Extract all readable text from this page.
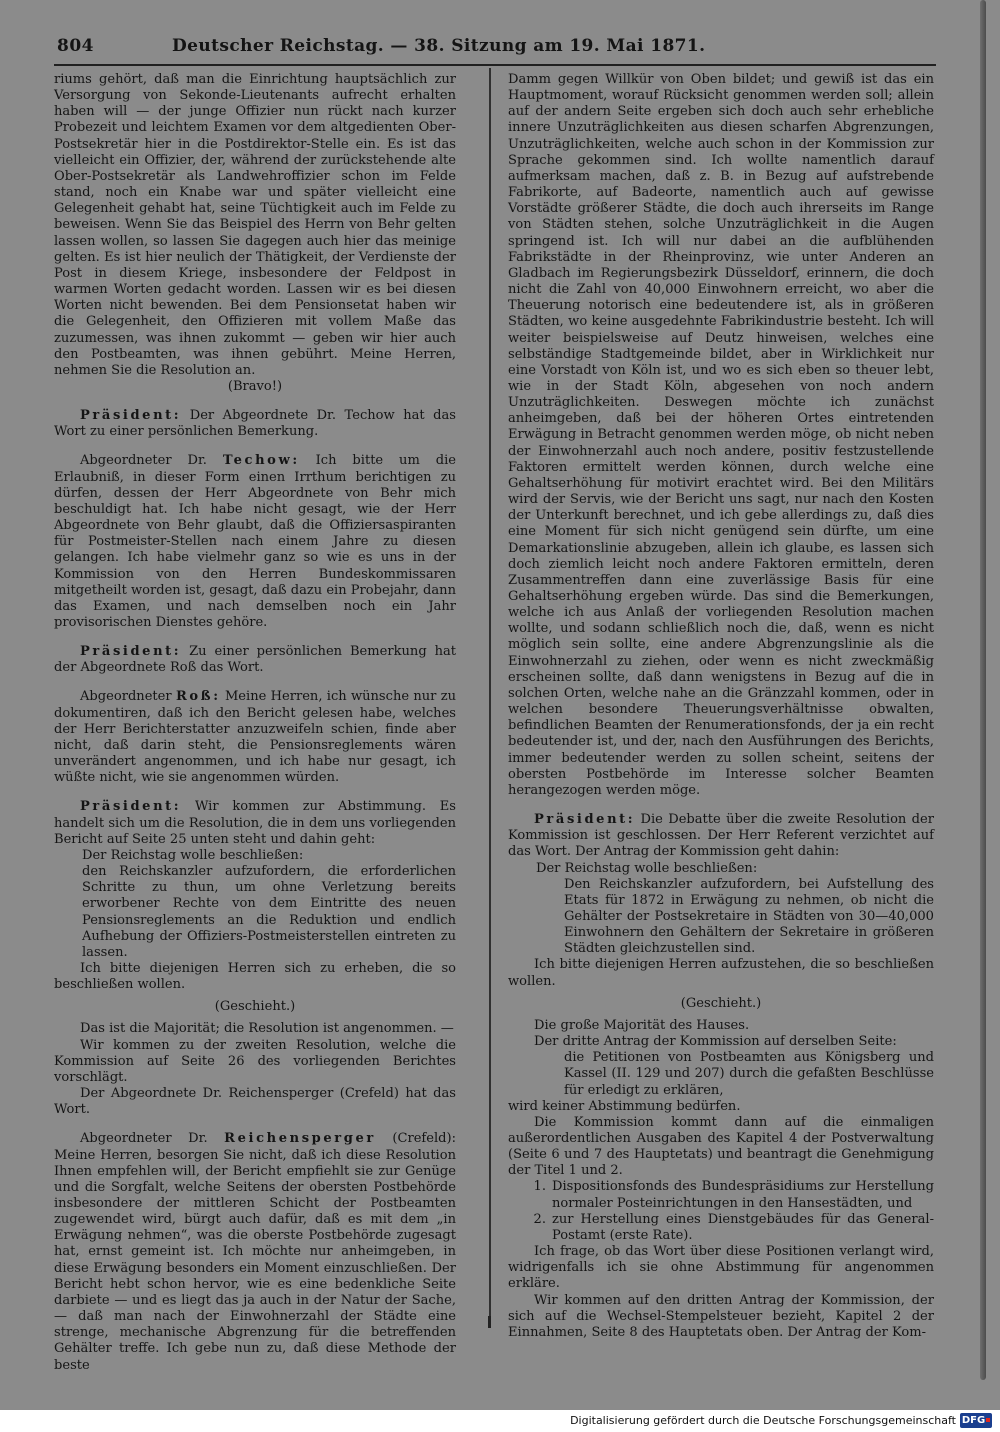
804	Deutscher Reichstag. — 38. Sitzung am 19. Mai 1871.

riums gehört, daß man die Einrichtung hauptsächlich zur Versorgung von Sekonde-Lieutenants aufrecht erhalten haben will — der junge Offizier nun rückt nach kurzer Probezeit und leichtem Examen vor dem altgedienten Ober-Postsekretär hier in die Postdirektor-Stelle ein. Es ist das vielleicht ein Offizier, der, während der zurückstehende alte Ober-Postsekretär als Landwehroffizier schon im Felde stand, noch ein Knabe war und später vielleicht eine Gelegenheit gehabt hat, seine Tüchtigkeit auch im Felde zu beweisen. Wenn Sie das Beispiel des Herrn von Behr gelten lassen wollen, so lassen Sie dagegen auch hier das meinige gelten. Es ist hier neulich der Thätigkeit, der Verdienste der Post in diesem Kriege, insbesondere der Feldpost in warmen Worten gedacht worden. Lassen wir es bei diesen Worten nicht bewenden. Bei dem Pensionsetat haben wir die Gelegenheit, den Offizieren mit vollem Maße das zuzumessen, was ihnen zukommt — geben wir hier auch den Postbeamten, was ihnen gebührt. Meine Herren, nehmen Sie die Resolution an.

(Bravo!)

Präsident: Der Abgeordnete Dr. Techow hat das Wort zu einer persönlichen Bemerkung.

Abgeordneter Dr. Techow: Ich bitte um die Erlaubniß, in dieser Form einen Irrthum berichtigen zu dürfen, dessen der Herr Abgeordnete von Behr mich beschuldigt hat. Ich habe nicht gesagt, wie der Herr Abgeordnete von Behr glaubt, daß die Offiziersaspiranten für Postmeister-Stellen nach einem Jahre zu diesen gelangen. Ich habe vielmehr ganz so wie es uns in der Kommission von den Herren Bundeskommissaren mitgetheilt worden ist, gesagt, daß dazu ein Probejahr, dann das Examen, und nach demselben noch ein Jahr provisorischen Dienstes gehöre.

Präsident: Zu einer persönlichen Bemerkung hat der Abgeordnete Roß das Wort.

Abgeordneter Roß: Meine Herren, ich wünsche nur zu dokumentiren, daß ich den Bericht gelesen habe, welches der Herr Berichterstatter anzuzweifeln schien, finde aber nicht, daß darin steht, die Pensionsreglements wären unverändert angenommen, und ich habe nur gesagt, ich wüßte nicht, wie sie angenommen würden.

Präsident: Wir kommen zur Abstimmung. Es handelt sich um die Resolution, die in dem uns vorliegenden Bericht auf Seite 25 unten steht und dahin geht:

Der Reichstag wolle beschließen:

den Reichskanzler aufzufordern, die erforderlichen Schritte zu thun, um ohne Verletzung bereits erworbener Rechte von dem Eintritte des neuen Pensionsreglements an die Reduktion und endlich Aufhebung der Offiziers-Postmeisterstellen eintreten zu lassen.

Ich bitte diejenigen Herren sich zu erheben, die so beschließen wollen.

(Geschieht.)

Das ist die Majorität; die Resolution ist angenommen. —

Wir kommen zu der zweiten Resolution, welche die Kommission auf Seite 26 des vorliegenden Berichtes vorschlägt.

Der Abgeordnete Dr. Reichensperger (Crefeld) hat das Wort.

Abgeordneter Dr. Reichensperger (Crefeld): Meine Herren, besorgen Sie nicht, daß ich diese Resolution Ihnen empfehlen will, der Bericht empfiehlt sie zur Genüge und die Sorgfalt, welche Seitens der obersten Postbehörde insbesondere der mittleren Schicht der Postbeamten zugewendet wird, bürgt auch dafür, daß es mit dem „in Erwägung nehmen“, was die oberste Postbehörde zugesagt hat, ernst gemeint ist. Ich möchte nur anheimgeben, in diese Erwägung besonders ein Moment einzuschließen. Der Bericht hebt schon hervor, wie es eine bedenkliche Seite darbiete — und es liegt das ja auch in der Natur der Sache, — daß man nach der Einwohnerzahl der Städte eine strenge, mechanische Abgrenzung für die betreffenden Gehälter treffe. Ich gebe nun zu, daß diese Methode der beste

Damm gegen Willkür von Oben bildet; und gewiß ist das ein Hauptmoment, worauf Rücksicht genommen werden soll; allein auf der andern Seite ergeben sich doch auch sehr erhebliche innere Unzuträglichkeiten aus diesen scharfen Abgrenzungen, Unzuträglichkeiten, welche auch schon in der Kommission zur Sprache gekommen sind. Ich wollte namentlich darauf aufmerksam machen, daß z. B. in Bezug auf aufstrebende Fabrikorte, auf Badeorte, namentlich auch auf gewisse Vorstädte größerer Städte, die doch auch ihrerseits im Range von Städten stehen, solche Unzuträglichkeit in die Augen springend ist. Ich will nur dabei an die aufblühenden Fabrikstädte in der Rheinprovinz, wie unter Anderen an Gladbach im Regierungsbezirk Düsseldorf, erinnern, die doch nicht die Zahl von 40,000 Einwohnern erreicht, wo aber die Theuerung notorisch eine bedeutendere ist, als in größeren Städten, wo keine ausgedehnte Fabrikindustrie besteht. Ich will weiter beispielsweise auf Deutz hinweisen, welches eine selbständige Stadtgemeinde bildet, aber in Wirklichkeit nur eine Vorstadt von Köln ist, und wo es sich eben so theuer lebt, wie in der Stadt Köln, abgesehen von noch andern Unzuträglichkeiten. Deswegen möchte ich zunächst anheimgeben, daß bei der höheren Ortes eintretenden Erwägung in Betracht genommen werden möge, ob nicht neben der Einwohnerzahl auch noch andere, positiv festzustellende Faktoren ermittelt werden können, durch welche eine Gehaltserhöhung für motivirt erachtet wird. Bei den Militärs wird der Servis, wie der Bericht uns sagt, nur nach den Kosten der Unterkunft berechnet, und ich gebe allerdings zu, daß dies eine Moment für sich nicht genügend sein dürfte, um eine Demarkationslinie abzugeben, allein ich glaube, es lassen sich doch ziemlich leicht noch andere Faktoren ermitteln, deren Zusammentreffen dann eine zuverlässige Basis für eine Gehaltserhöhung ergeben würde. Das sind die Bemerkungen, welche ich aus Anlaß der vorliegenden Resolution machen wollte, und sodann schließlich noch die, daß, wenn es nicht möglich sein sollte, eine andere Abgrenzungslinie als die Einwohnerzahl zu ziehen, oder wenn es nicht zweckmäßig erscheinen sollte, daß dann wenigstens in Bezug auf die in solchen Orten, welche nahe an die Gränzzahl kommen, oder in welchen besondere Theuerungsverhältnisse obwalten, befindlichen Beamten der Renumerationsfonds, der ja ein recht bedeutender ist, und der, nach den Ausführungen des Berichts, immer bedeutender werden zu sollen scheint, seitens der obersten Postbehörde im Interesse solcher Beamten herangezogen werden möge.

Präsident: Die Debatte über die zweite Resolution der Kommission ist geschlossen. Der Herr Referent verzichtet auf das Wort. Der Antrag der Kommission geht dahin:

Der Reichstag wolle beschließen:

Den Reichskanzler aufzufordern, bei Aufstellung des Etats für 1872 in Erwägung zu nehmen, ob nicht die Gehälter der Postsekretaire in Städten von 30—40,000 Einwohnern den Gehältern der Sekretaire in größeren Städten gleichzustellen sind.

Ich bitte diejenigen Herren aufzustehen, die so beschließen wollen.

(Geschieht.)

Die große Majorität des Hauses.

Der dritte Antrag der Kommission auf derselben Seite:

die Petitionen von Postbeamten aus Königsberg und Kassel (II. 129 und 207) durch die gefaßten Beschlüsse für erledigt zu erklären,

wird keiner Abstimmung bedürfen.

Die Kommission kommt dann auf die einmaligen außerordentlichen Ausgaben des Kapitel 4 der Postverwaltung (Seite 6 und 7 des Hauptetats) und beantragt die Genehmigung der Titel 1 und 2.

1. Dispositionsfonds des Bundespräsidiums zur Herstellung normaler Posteinrichtungen in den Hansestädten, und
2. zur Herstellung eines Dienstgebäudes für das General-Postamt (erste Rate).

Ich frage, ob das Wort über diese Positionen verlangt wird, widrigenfalls ich sie ohne Abstimmung für angenommen erkläre.

Wir kommen auf den dritten Antrag der Kommission, der sich auf die Wechsel-Stempelsteuer bezieht, Kapitel 2 der Einnahmen, Seite 8 des Hauptetats oben. Der Antrag der Kom-

Digitalisierung gefördert durch die Deutsche Forschungsgemeinschaft DFG
